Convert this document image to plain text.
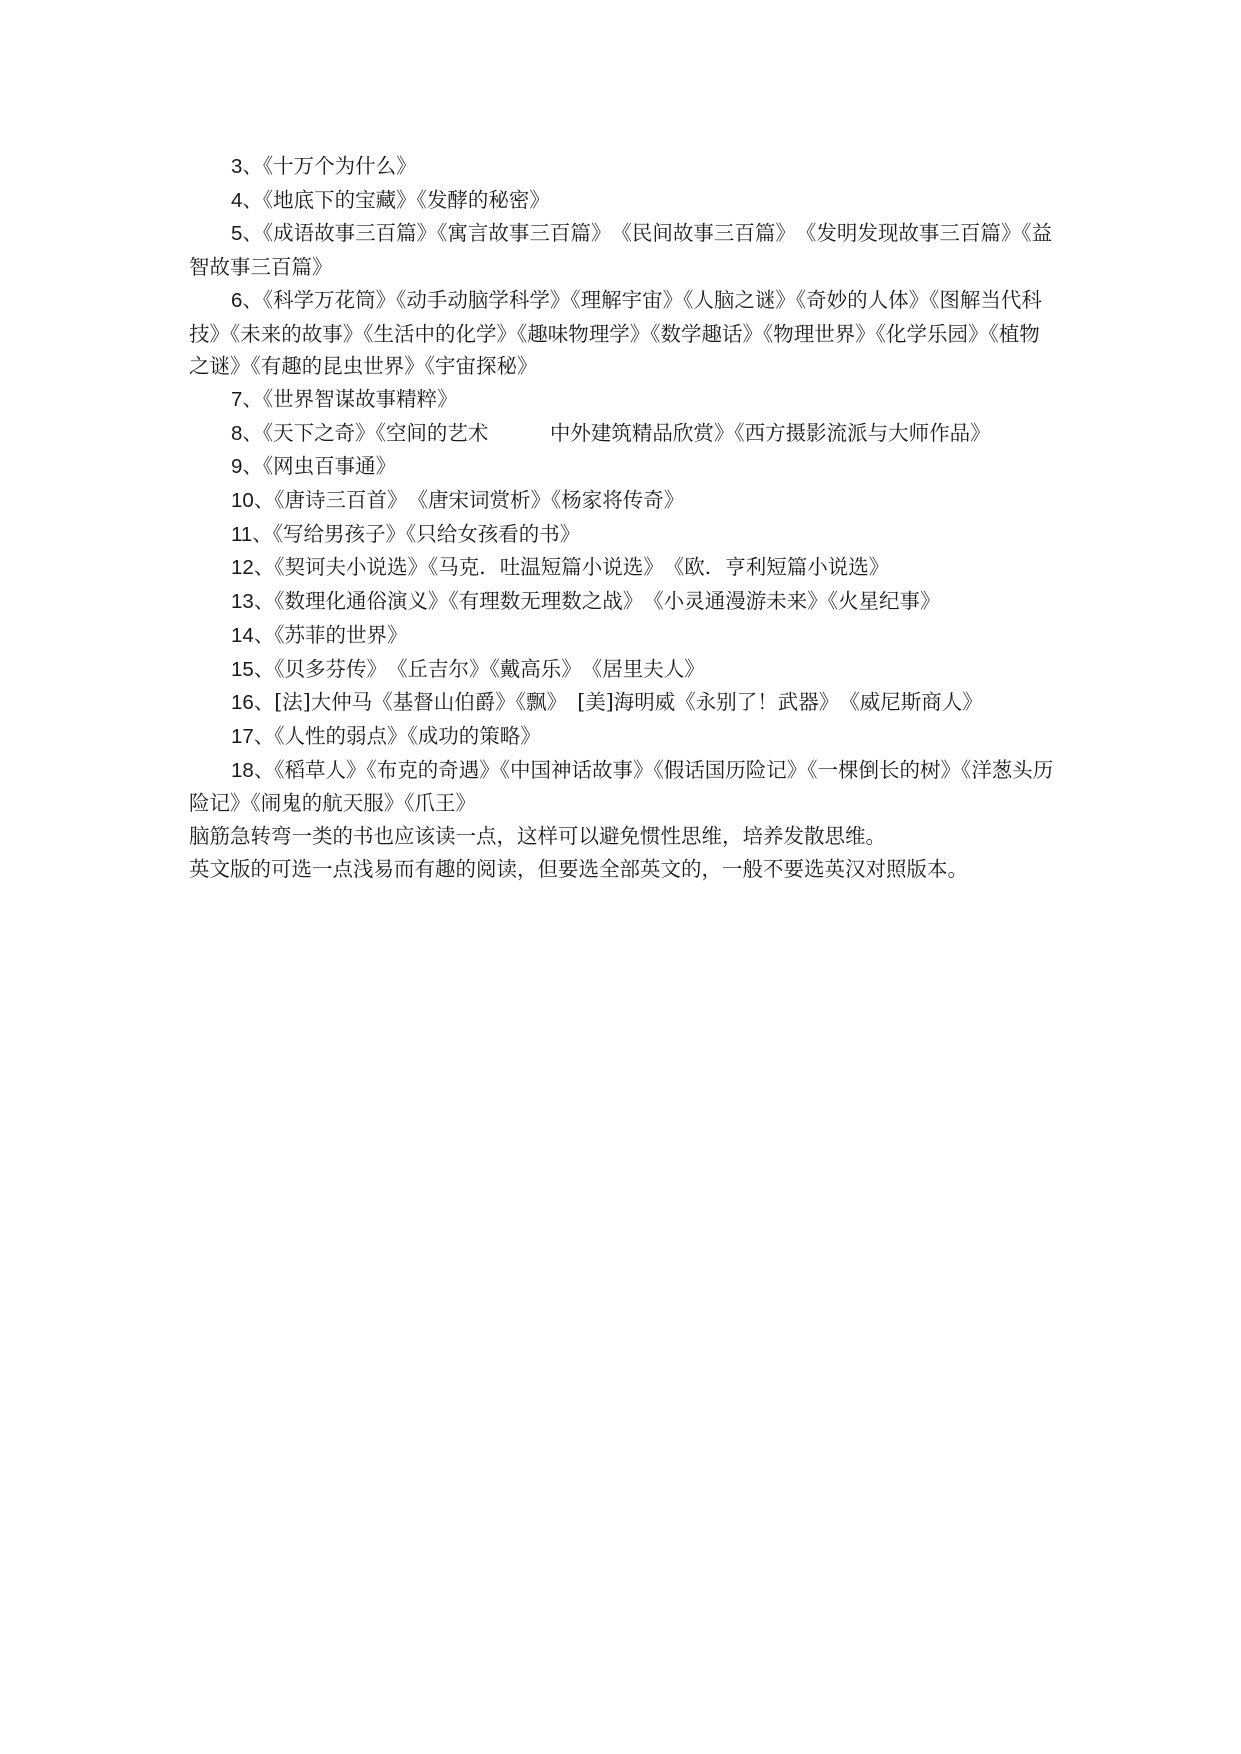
3、《十万个为什么》

4、《地底下的宝藏》《发酵的秘密》

5、《成语故事三百篇》《寓言故事三百篇》　《民间故事三百篇》　《发明发现故事三百篇》《益智故事三百篇》

6、《科学万花筒》《动手动脑学科学》《理解宇宙》《人脑之谜》《奇妙的人体》《图解当代科技》《未来的故事》《生活中的化学》《趣味物理学》《数学趣话》《物理世界》《化学乐园》《植物之谜》《有趣的昆虫世界》《宇宙探秘》

7、《世界智谋故事精粹》

8、《天下之奇》《空间的艺术　　　中外建筑精品欣赏》《西方摄影流派与大师作品》

9、《网虫百事通》

10、《唐诗三百首》　《唐宋词赏析》《杨家将传奇》

11、《写给男孩子》《只给女孩看的书》

12、《契诃夫小说选》《马克．吐温短篇小说选》　《欧．亨利短篇小说选》

13、《数理化通俗演义》《有理数无理数之战》　《小灵通漫游未来》《火星纪事》

14、《苏菲的世界》

15、《贝多芬传》　《丘吉尔》《戴高乐》　《居里夫人》

16、[法]大仲马《基督山伯爵》《飘》　[美]海明威《永别了！武器》　《威尼斯商人》

17、《人性的弱点》《成功的策略》

18、《稻草人》《布克的奇遇》《中国神话故事》《假话国历险记》《一棵倒长的树》《洋葱头历险记》《闹鬼的航天服》《爪王》

脑筋急转弯一类的书也应该读一点，这样可以避免惯性思维，培养发散思维。

英文版的可选一点浅易而有趣的阅读，但要选全部英文的，一般不要选英汉对照版本。
